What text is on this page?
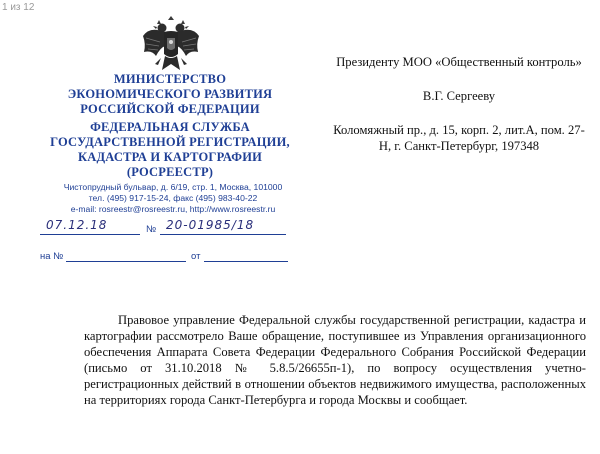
1 из 12
МИНИСТЕРСТВО
ЭКОНОМИЧЕСКОГО РАЗВИТИЯ
РОССИЙСКОЙ ФЕДЕРАЦИИ
ФЕДЕРАЛЬНАЯ СЛУЖБА
ГОСУДАРСТВЕННОЙ РЕГИСТРАЦИИ,
КАДАСТРА И КАРТОГРАФИИ
(РОСРЕЕСТР)
Чистопрудный бульвар, д. 6/19, стр. 1, Москва, 101000
тел. (495) 917-15-24, факс (495) 983-40-22
e-mail: rosreestr@rosreestr.ru, http://www.rosreestr.ru
07.12.18	№ 20-01985/18
на №	от
Президенту МОО «Общественный контроль»
В.Г. Сергееву
Коломяжный пр., д. 15, корп. 2, лит.А, пом. 27-Н, г. Санкт-Петербург, 197348

Правовое управление Федеральной службы государственной регистрации, кадастра и картографии рассмотрело Ваше обращение, поступившее из Управления организационного обеспечения Аппарата Совета Федерации Федерального Собрания Российской Федерации (письмо от 31.10.2018 № 5.8.5/26655п-1), по вопросу осуществления учетно-регистрационных действий в отношении объектов недвижимого имущества, расположенных на территориях города Санкт-Петербурга и города Москвы и сообщает.
